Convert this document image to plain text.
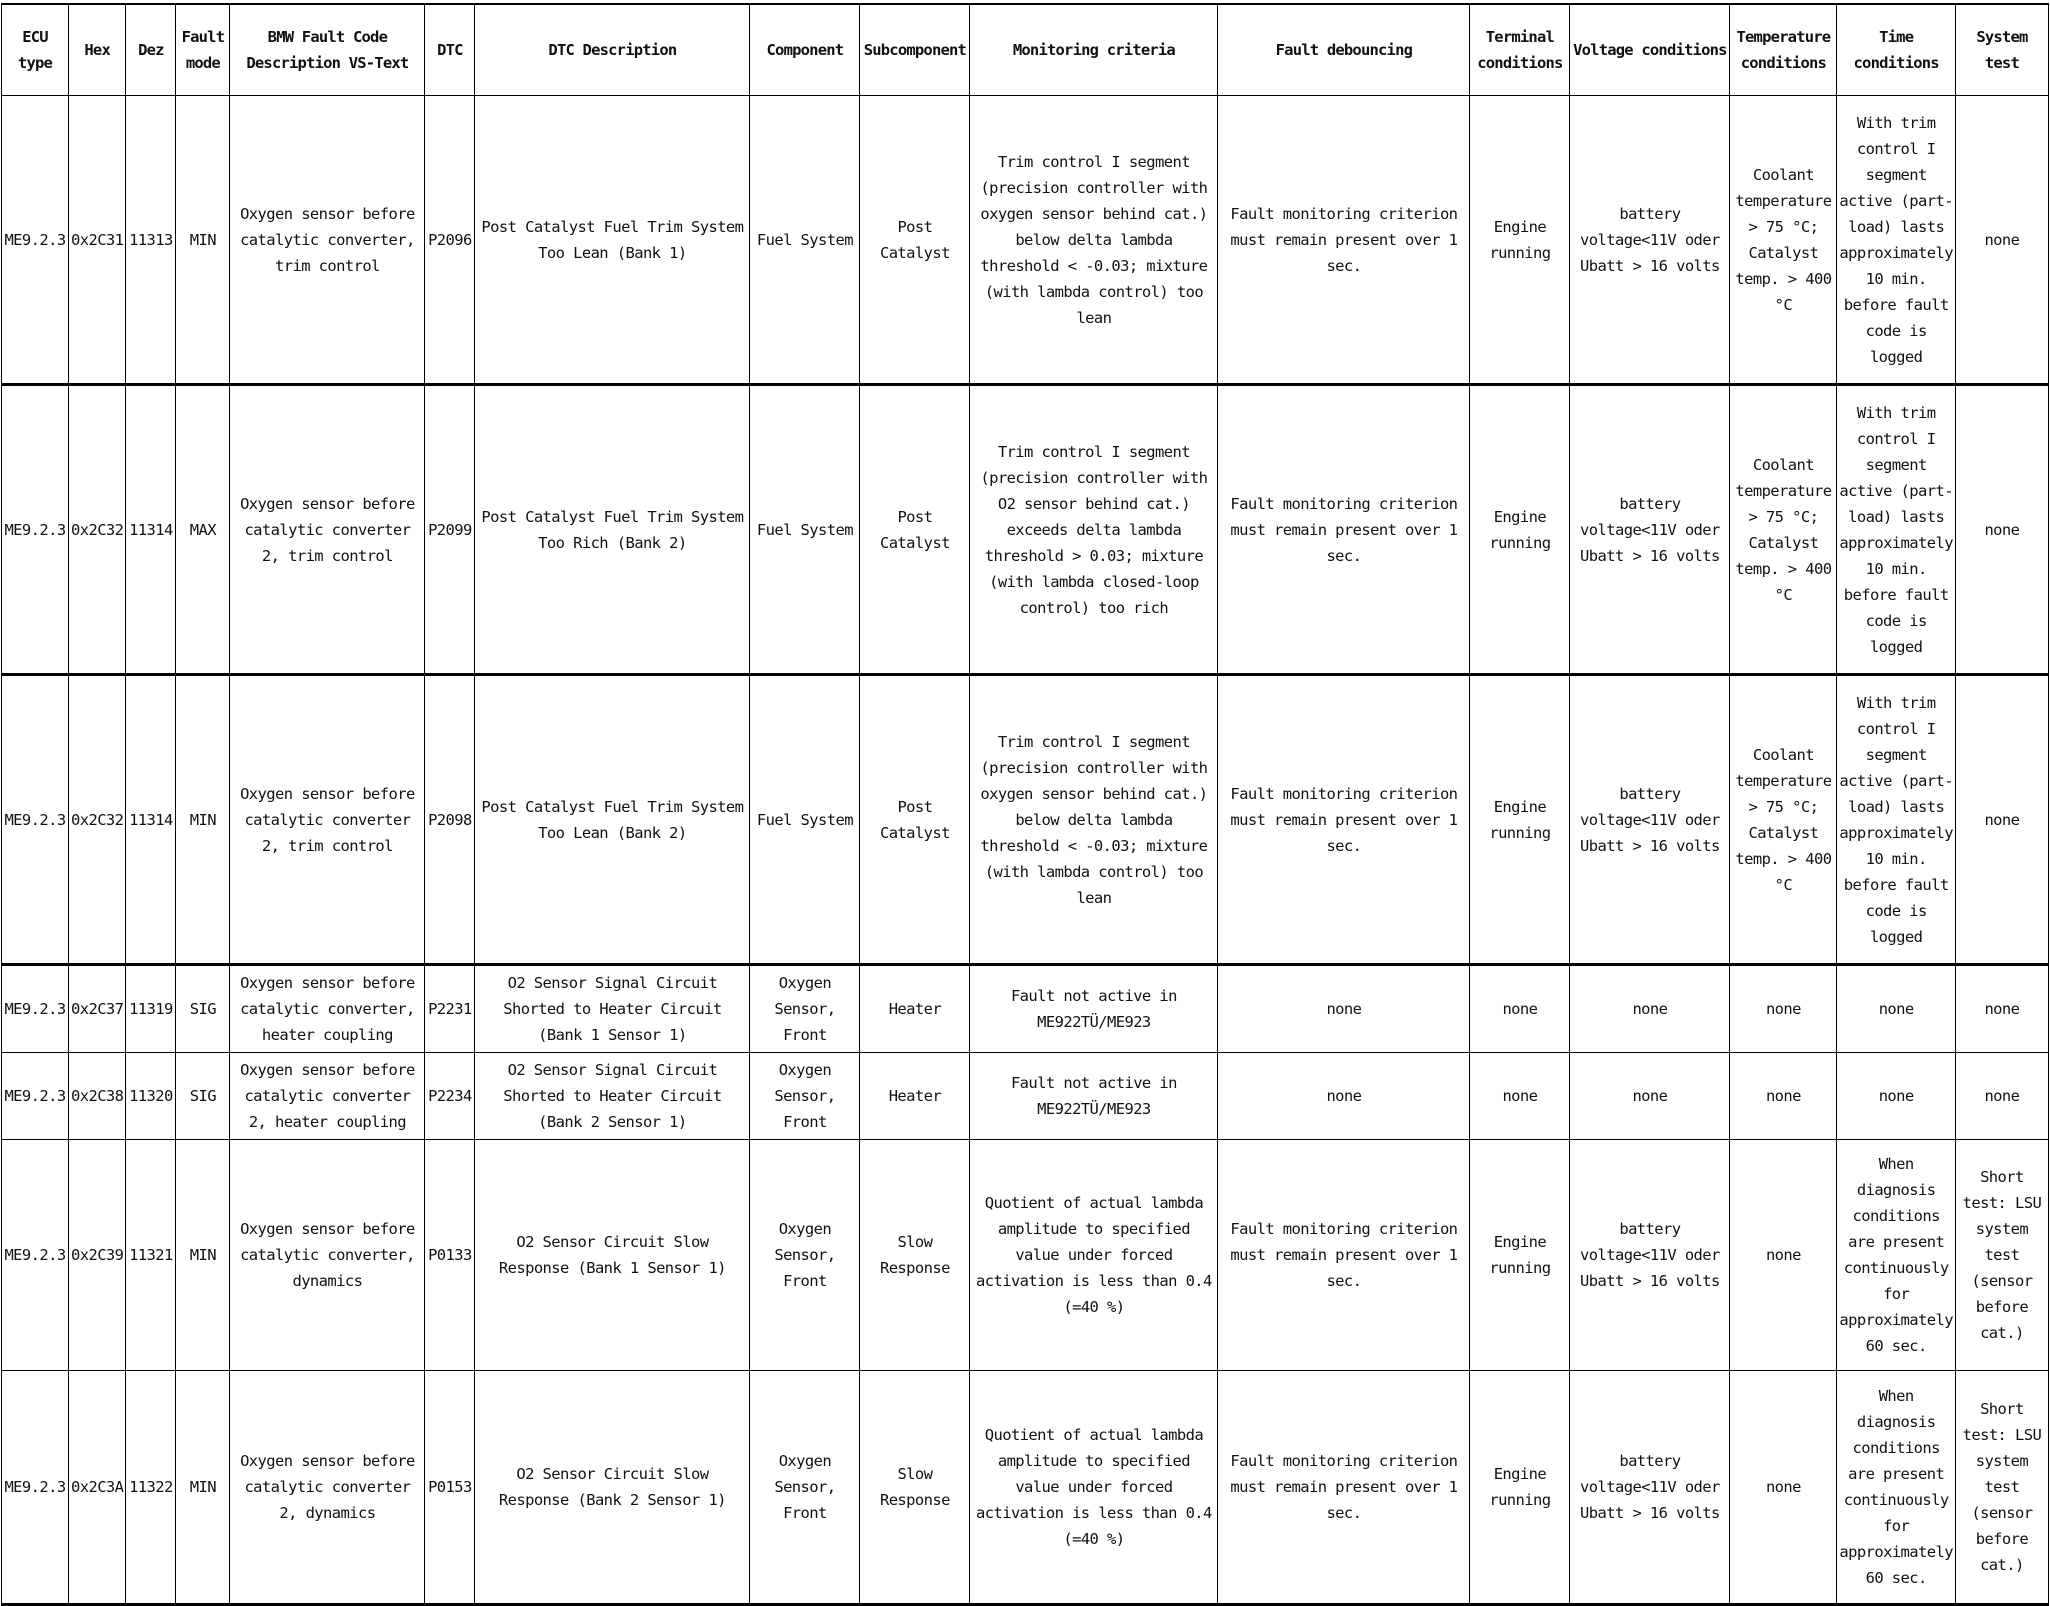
ECU type	Hex	Dez	Fault mode	BMW Fault Code Description VS-Text	DTC	DTC Description	Component	Subcomponent	Monitoring criteria	Fault debouncing	Terminal conditions	Voltage conditions	Temperature conditions	Time conditions	System test
ME9.2.3	0x2C31	11313	MIN	Oxygen sensor before catalytic converter, trim control	P2096	Post Catalyst Fuel Trim System Too Lean (Bank 1)	Fuel System	Post Catalyst	Trim control I segment (precision controller with oxygen sensor behind cat.) below delta lambda threshold < -0.03; mixture (with lambda control) too lean	Fault monitoring criterion must remain present over 1 sec.	Engine running	battery voltage<11V oder Ubatt > 16 volts	Coolant temperature > 75 °C; Catalyst temp. > 400 °C	With trim control I segment active (part-load) lasts approximately 10 min. before fault code is logged	none
ME9.2.3	0x2C32	11314	MAX	Oxygen sensor before catalytic converter 2, trim control	P2099	Post Catalyst Fuel Trim System Too Rich (Bank 2)	Fuel System	Post Catalyst	Trim control I segment (precision controller with O2 sensor behind cat.) exceeds delta lambda threshold > 0.03; mixture (with lambda closed-loop control) too rich	Fault monitoring criterion must remain present over 1 sec.	Engine running	battery voltage<11V oder Ubatt > 16 volts	Coolant temperature > 75 °C; Catalyst temp. > 400 °C	With trim control I segment active (part-load) lasts approximately 10 min. before fault code is logged	none
ME9.2.3	0x2C32	11314	MIN	Oxygen sensor before catalytic converter 2, trim control	P2098	Post Catalyst Fuel Trim System Too Lean (Bank 2)	Fuel System	Post Catalyst	Trim control I segment (precision controller with oxygen sensor behind cat.) below delta lambda threshold < -0.03; mixture (with lambda control) too lean	Fault monitoring criterion must remain present over 1 sec.	Engine running	battery voltage<11V oder Ubatt > 16 volts	Coolant temperature > 75 °C; Catalyst temp. > 400 °C	With trim control I segment active (part-load) lasts approximately 10 min. before fault code is logged	none
ME9.2.3	0x2C37	11319	SIG	Oxygen sensor before catalytic converter, heater coupling	P2231	O2 Sensor Signal Circuit Shorted to Heater Circuit (Bank 1 Sensor 1)	Oxygen Sensor, Front	Heater	Fault not active in ME922TÜ/ME923	none	none	none	none	none	none
ME9.2.3	0x2C38	11320	SIG	Oxygen sensor before catalytic converter 2, heater coupling	P2234	O2 Sensor Signal Circuit Shorted to Heater Circuit (Bank 2 Sensor 1)	Oxygen Sensor, Front	Heater	Fault not active in ME922TÜ/ME923	none	none	none	none	none	none
ME9.2.3	0x2C39	11321	MIN	Oxygen sensor before catalytic converter, dynamics	P0133	O2 Sensor Circuit Slow Response (Bank 1 Sensor 1)	Oxygen Sensor, Front	Slow Response	Quotient of actual lambda amplitude to specified value under forced activation is less than 0.4 (=40 %)	Fault monitoring criterion must remain present over 1 sec.	Engine running	battery voltage<11V oder Ubatt > 16 volts	none	When diagnosis conditions are present continuously for approximately 60 sec.	Short test: LSU system test (sensor before cat.)
ME9.2.3	0x2C3A	11322	MIN	Oxygen sensor before catalytic converter 2, dynamics	P0153	O2 Sensor Circuit Slow Response (Bank 2 Sensor 1)	Oxygen Sensor, Front	Slow Response	Quotient of actual lambda amplitude to specified value under forced activation is less than 0.4 (=40 %)	Fault monitoring criterion must remain present over 1 sec.	Engine running	battery voltage<11V oder Ubatt > 16 volts	none	When diagnosis conditions are present continuously for approximately 60 sec.	Short test: LSU system test (sensor before cat.)
